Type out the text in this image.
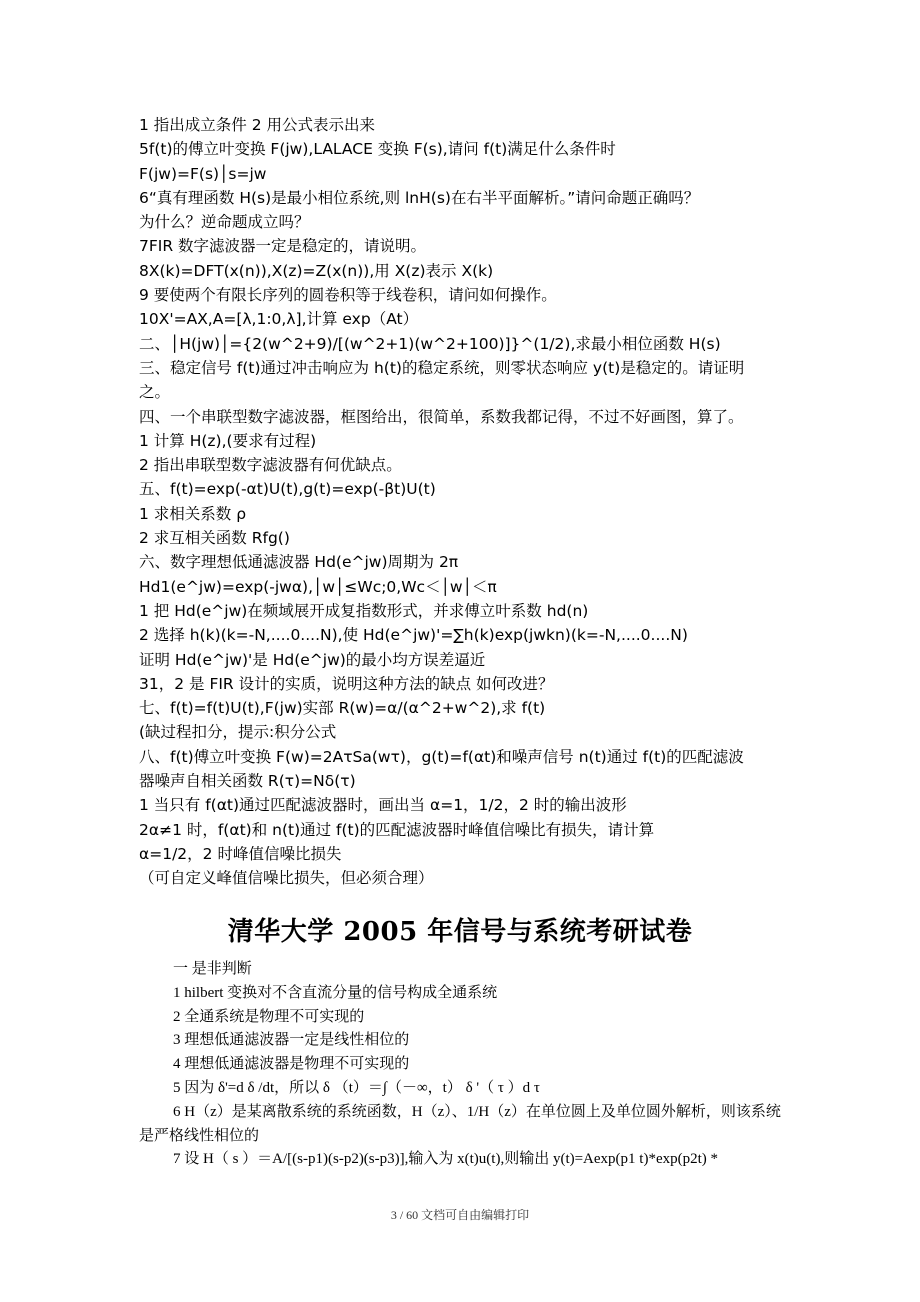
1 指出成立条件 2 用公式表示出来
5f(t)的傅立叶变换 F(jw),LALACE 变换 F(s),请问 f(t)满足什么条件时
F(jw)=F(s)│s=jw
6“真有理函数 H(s)是最小相位系统,则 lnH(s)在右半平面解析。”请问命题正确吗？
为什么？逆命题成立吗？
7FIR 数字滤波器一定是稳定的，请说明。
8X(k)=DFT(x(n)),X(z)=Z(x(n)),用 X(z)表示 X(k)
9 要使两个有限长序列的圆卷积等于线卷积，请问如何操作。
10X'=AX,A=[λ,1:0,λ],计算 exp（At）
二、│H(jw)│={2(w^2+9)/[(w^2+1)(w^2+100)]}^(1/2),求最小相位函数 H(s)
三、稳定信号 f(t)通过冲击响应为 h(t)的稳定系统，则零状态响应 y(t)是稳定的。请证明
之。
四、一个串联型数字滤波器，框图给出，很简单，系数我都记得，不过不好画图，算了。
1 计算 H(z),(要求有过程)
2 指出串联型数字滤波器有何优缺点。
五、f(t)=exp(-αt)U(t),g(t)=exp(-βt)U(t)
1 求相关系数 ρ
2 求互相关函数 Rfg()
六、数字理想低通滤波器 Hd(e^jw)周期为 2π
Hd1(e^jw)=exp(-jwα),│w│≤Wc;0,Wc＜│w│＜π
1 把 Hd(e^jw)在频域展开成复指数形式，并求傅立叶系数 hd(n)
2 选择 h(k)(k=-N,....0....N),使 Hd(e^jw)'=∑h(k)exp(jwkn)(k=-N,....0....N)
证明 Hd(e^jw)'是 Hd(e^jw)的最小均方误差逼近
31，2 是 FIR 设计的实质，说明这种方法的缺点 如何改进？
七、f(t)=f(t)U(t),F(jw)实部 R(w)=α/(α^2+w^2),求 f(t)
(缺过程扣分，提示:积分公式
八、f(t)傅立叶变换 F(w)=2AτSa(wτ)，g(t)=f(αt)和噪声信号 n(t)通过 f(t)的匹配滤波
器噪声自相关函数 R(τ)=Nδ(τ)
1 当只有 f(αt)通过匹配滤波器时，画出当 α=1，1/2，2 时的输出波形
2α≠1 时，f(αt)和 n(t)通过 f(t)的匹配滤波器时峰值信噪比有损失，请计算
α=1/2，2 时峰值信噪比损失
（可自定义峰值信噪比损失，但必须合理）
清华大学 2005 年信号与系统考研试卷
一 是非判断
1 hilbert 变换对不含直流分量的信号构成全通系统
2 全通系统是物理不可实现的
3 理想低通滤波器一定是线性相位的
4 理想低通滤波器是物理不可实现的
5 因为 δ'=d δ /dt，所以 δ （t）＝∫（－∞，t） δ '（ τ ）d τ
6 H（z）是某离散系统的系统函数，H（z）、1/H（z）在单位圆上及单位圆外解析，则该系统是严格线性相位的
7 设 H（ s ）＝A/[(s-p1)(s-p2)(s-p3)],输入为 x(t)u(t),则输出 y(t)=Aexp(p1 t)*exp(p2t) *
3 / 60 文档可自由编辑打印
